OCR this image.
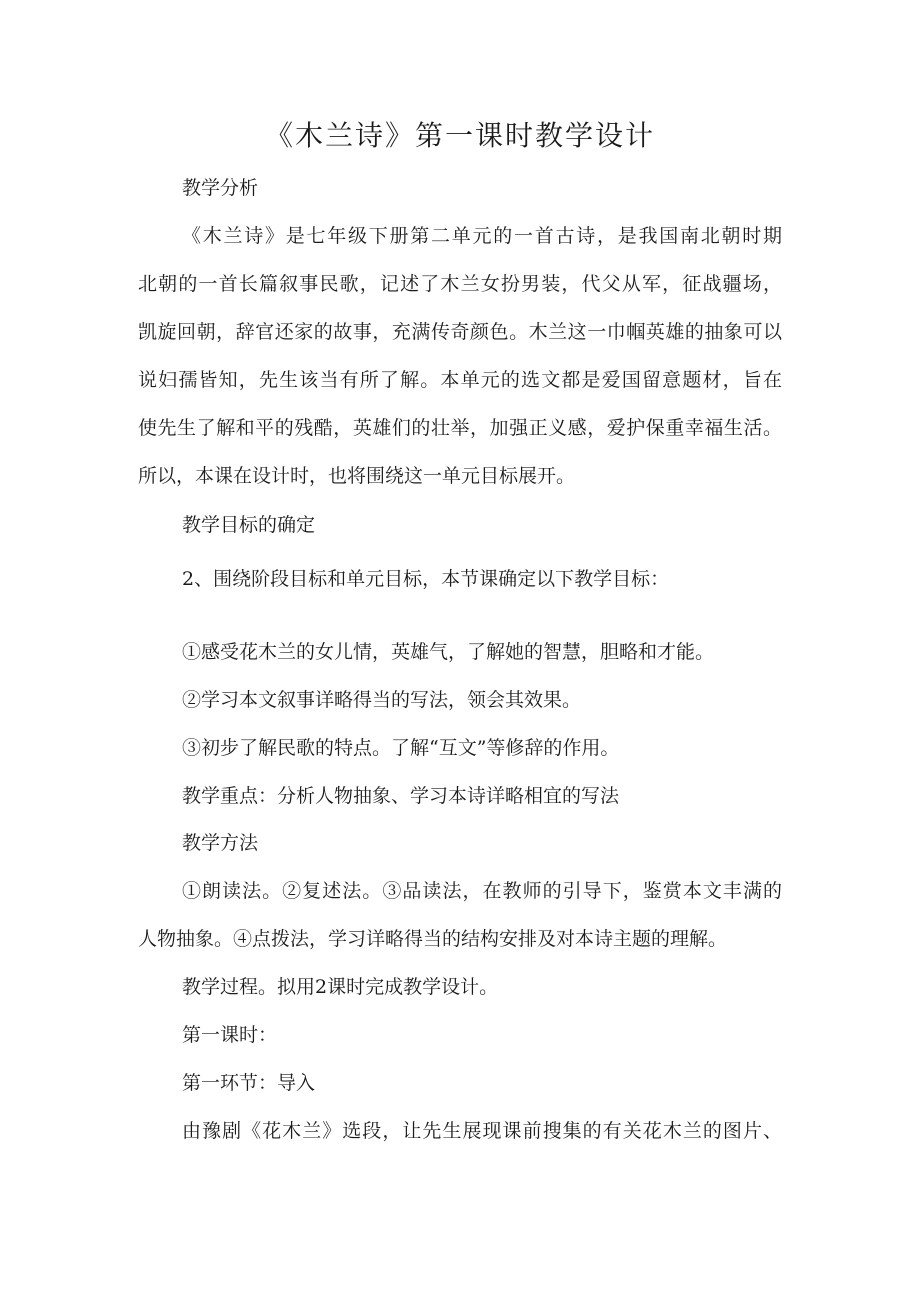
《木兰诗》第一课时教学设计

教学分析

《木兰诗》是七年级下册第二单元的一首古诗，是我国南北朝时期

北朝的一首长篇叙事民歌，记述了木兰女扮男装，代父从军，征战疆场，

凯旋回朝，辞官还家的故事，充满传奇颜色。木兰这一巾帼英雄的抽象可以

说妇孺皆知，先生该当有所了解。本单元的选文都是爱国留意题材，旨在

使先生了解和平的残酷，英雄们的壮举，加强正义感，爱护保重幸福生活。

所以，本课在设计时，也将围绕这一单元目标展开。

教学目标的确定

2、围绕阶段目标和单元目标，本节课确定以下教学目标：

①感受花木兰的女儿情，英雄气，了解她的智慧，胆略和才能。

②学习本文叙事详略得当的写法，领会其效果。

③初步了解民歌的特点。了解“互文”等修辞的作用。

教学重点：分析人物抽象、学习本诗详略相宜的写法

教学方法

①朗读法。②复述法。③品读法，在教师的引导下，鉴赏本文丰满的

人物抽象。④点拨法，学习详略得当的结构安排及对本诗主题的理解。

教学过程。拟用2课时完成教学设计。

第一课时：

第一环节：导入

由豫剧《花木兰》选段，让先生展现课前搜集的有关花木兰的图片、
